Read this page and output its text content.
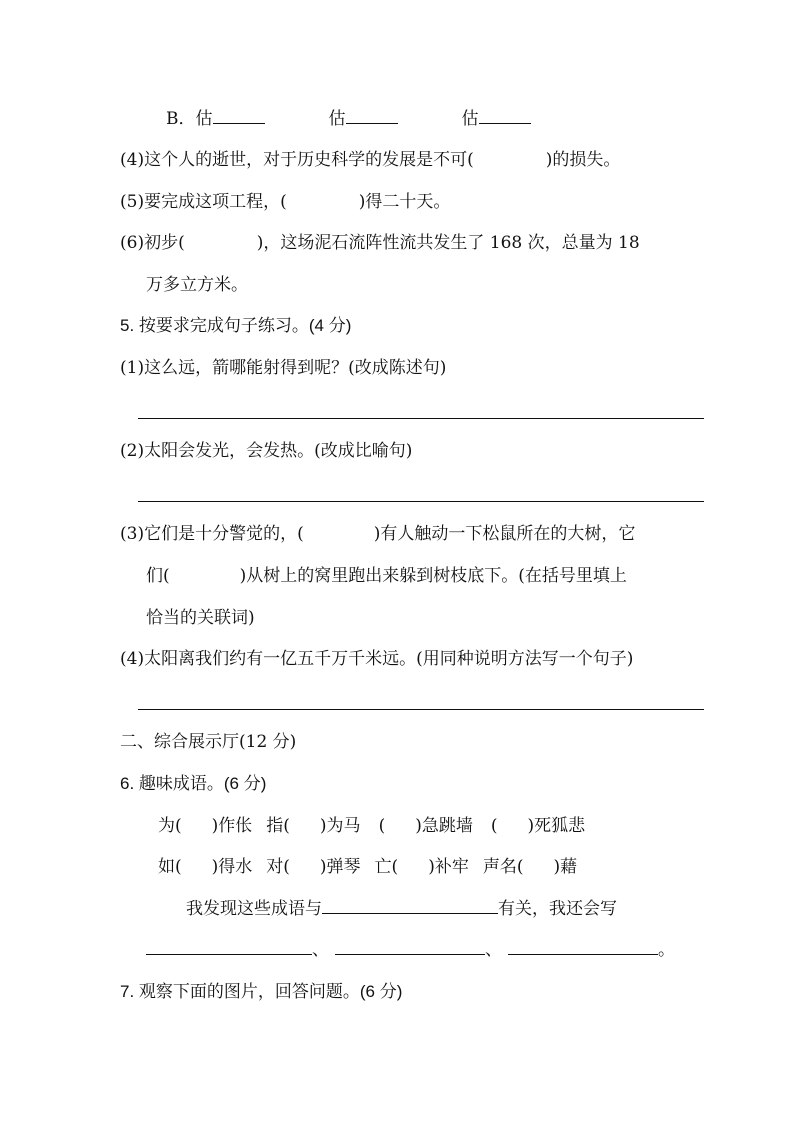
B．估	估	估
(4)这个人的逝世，对于历史科学的发展是不可(	)的损失。
(5)要完成这项工程，(	)得二十天。
(6)初步(	)，这场泥石流阵性流共发生了 168 次，总量为 18
万多立方米。
5. 按要求完成句子练习。(4 分)
(1)这么远，箭哪能射得到呢？(改成陈述句)
(2)太阳会发光，会发热。(改成比喻句)
(3)它们是十分警觉的，(	)有人触动一下松鼠所在的大树，它
们(	)从树上的窝里跑出来躲到树枝底下。(在括号里填上
恰当的关联词)
(4)太阳离我们约有一亿五千万千米远。(用同种说明方法写一个句子)
二、综合展示厅(12 分)
6. 趣味成语。(6 分)
为( )作伥 指( )为马 ( )急跳墙 ( )死狐悲
如( )得水 对( )弹琴 亡( )补牢 声名( )藉
我发现这些成语与	有关，我还会写
、	、	。
7. 观察下面的图片，回答问题。(6 分)
